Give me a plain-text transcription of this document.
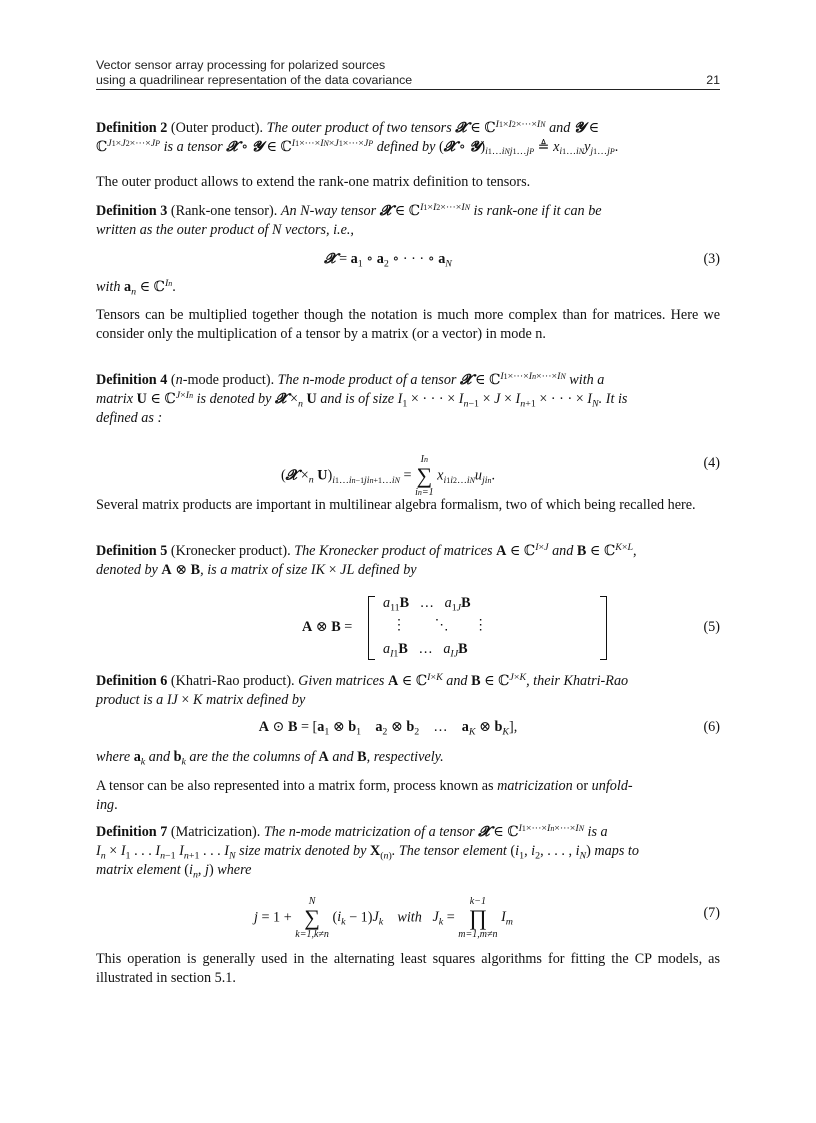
Vector sensor array processing for polarized sources
using a quadrilinear representation of the data covariance	21
Definition 2 (Outer product). The outer product of two tensors 𝓧 ∈ ℂ$^{I1\times I2\times\cdot\cdot\cdot\times IN}$ and 𝓨 ∈
ℂ$^{J1\times J2\times\cdot\cdot\cdot\times JP}$ is a tensor 𝓧 ∘ 𝓨 ∈ ℂ$^{I1\times\cdot\cdot\cdot\times IN\times J1\times\cdot\cdot\cdot\times JP}$ defined by (𝓧 ∘ $𝓨)_{i1\dots iNj1\dots jP}$ ≜ $x_{i1\dots iN}y_{j1\dots jP}$.
The outer product allows to extend the rank-one matrix definition to tensors.
Definition 3 (Rank-one tensor). An N-way tensor 𝓧 ∈ ℂ$^{I1\times I2\times\cdot\cdot\cdot\times IN}$ is rank-one if it can be
written as the outer product of N vectors, i.e.,
𝓧 = $a_1$ ∘ $a_2$ ∘ · · · ∘ $a_N$	(3)
with $a_n$ ∈ ℂ$^{In}$.
Tensors can be multiplied together though the notation is much more complex than for matrices. Here we consider only the multiplication of a tensor by a matrix (or a vector) in mode n.
Definition 4 (n-mode product). The n-mode product of a tensor 𝓧 ∈ ℂ$^{I1\times\cdot\cdot\cdot\times In\times\cdot\cdot\cdot\times IN}$ with a
matrix U ∈ ℂ$^{J\times In}$ is denoted by 𝓧 $\times_n$ U and is of size $I_1$ × · · · × $I_{n-1} \times J \times I_{n+1}$ × · · · × $I_N$. It is
defined as :
(𝓧 $\times_n$ $U)_{i1\dots in-1jin+1\dots iN}$ =
In
∑
in=1
$x_{i1i2\dots iN}u_{jin}$.
(4)
Several matrix products are important in multilinear algebra formalism, two of which being recalled here.
Definition 5 (Kronecker product). The Kronecker product of matrices A ∈ ℂ$^{I\times J}$ and B ∈ ℂ$^{K\times L}$,
denoted by A ⊗ B, is a matrix of size IK × JL defined by
A ⊗ B =
$a_{11}B$   …   $a_{1J}B$
⋮        ⋱       ⋮
$a_{I1}B$   …   $a_{IJ}B$
(5)
Definition 6 (Khatri-Rao product). Given matrices A ∈ ℂ$^{I\times K}$ and B ∈ ℂ$^{J\times K}$, their Khatri-Rao
product is a IJ × K matrix defined by
A ⊙ $B = [a_1$ ⊗ $b_1$ $a_2$ ⊗ $b_2$    …    $a_K$ ⊗ $b_K$],	(6)
where $a_k$ and $b_k$ are the the columns of A and B, respectively.
A tensor can be also represented into a matrix form, process known as matricization or unfold-
ing.
Definition 7 (Matricization). The n-mode matricization of a tensor 𝓧 ∈ ℂ$^{I1\times\cdot\cdot\cdot\times In\times\cdot\cdot\cdot\times IN}$ is a
$I_n \times I_1$ . . . $I_{n-1}$ $I_{n+1}$ . . . $I_N$ size matrix denoted by $X_{(n)}$. The tensor element ($i_1$, $i_2$, . . . , $i_N$) maps to
matrix element ($i_n$, j) where
j = 1 +
N
∑
k=1,k≠n
$(i_k - 1)J_k$ with $J_k$ =
k−1
∏
m=1,m≠n
$I_m$
(7)
This operation is generally used in the alternating least squares algorithms for fitting the CP models, as illustrated in section 5.1.
